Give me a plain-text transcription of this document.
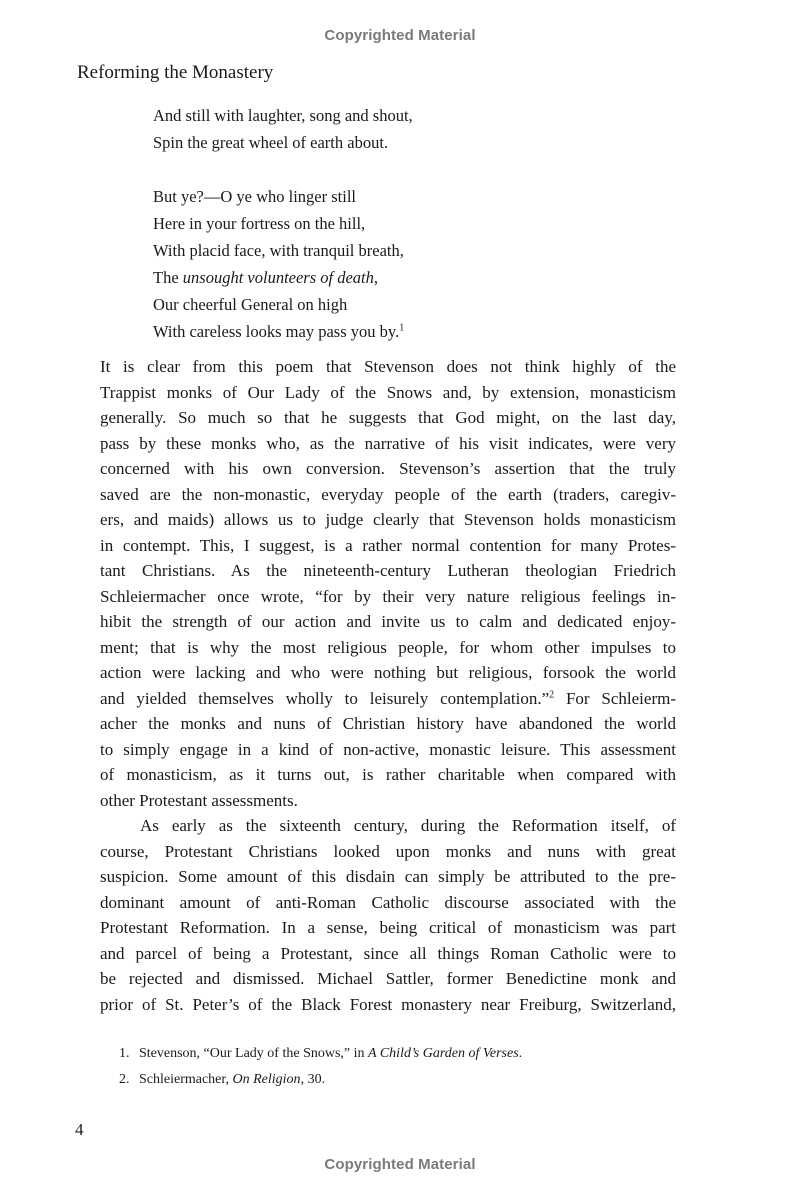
Copyrighted Material
Reforming the Monastery
And still with laughter, song and shout,
Spin the great wheel of earth about.
But ye?—O ye who linger still
Here in your fortress on the hill,
With placid face, with tranquil breath,
The unsought volunteers of death,
Our cheerful General on high
With careless looks may pass you by.$^1$
It is clear from this poem that Stevenson does not think highly of the
Trappist monks of Our Lady of the Snows and, by extension, monasticism
generally. So much so that he suggests that God might, on the last day,
pass by these monks who, as the narrative of his visit indicates, were very
concerned with his own conversion. Stevenson’s assertion that the truly
saved are the non-monastic, everyday people of the earth (traders, caregiv-
ers, and maids) allows us to judge clearly that Stevenson holds monasticism
in contempt. This, I suggest, is a rather normal contention for many Protes-
tant Christians. As the nineteenth-century Lutheran theologian Friedrich
Schleiermacher once wrote, “for by their very nature religious feelings in-
hibit the strength of our action and invite us to calm and dedicated enjoy-
ment; that is why the most religious people, for whom other impulses to
action were lacking and who were nothing but religious, forsook the world
and yielded themselves wholly to leisurely contemplation.”$^2$ For Schleierm-
acher the monks and nuns of Christian history have abandoned the world
to simply engage in a kind of non-active, monastic leisure. This assessment
of monasticism, as it turns out, is rather charitable when compared with
other Protestant assessments.
As early as the sixteenth century, during the Reformation itself, of
course, Protestant Christians looked upon monks and nuns with great
suspicion. Some amount of this disdain can simply be attributed to the pre-
dominant amount of anti-Roman Catholic discourse associated with the
Protestant Reformation. In a sense, being critical of monasticism was part
and parcel of being a Protestant, since all things Roman Catholic were to
be rejected and dismissed. Michael Sattler, former Benedictine monk and
prior of St. Peter’s of the Black Forest monastery near Freiburg, Switzerland,
1. Stevenson, “Our Lady of the Snows,” in A Child’s Garden of Verses.
2. Schleiermacher, On Religion, 30.
4
Copyrighted Material
